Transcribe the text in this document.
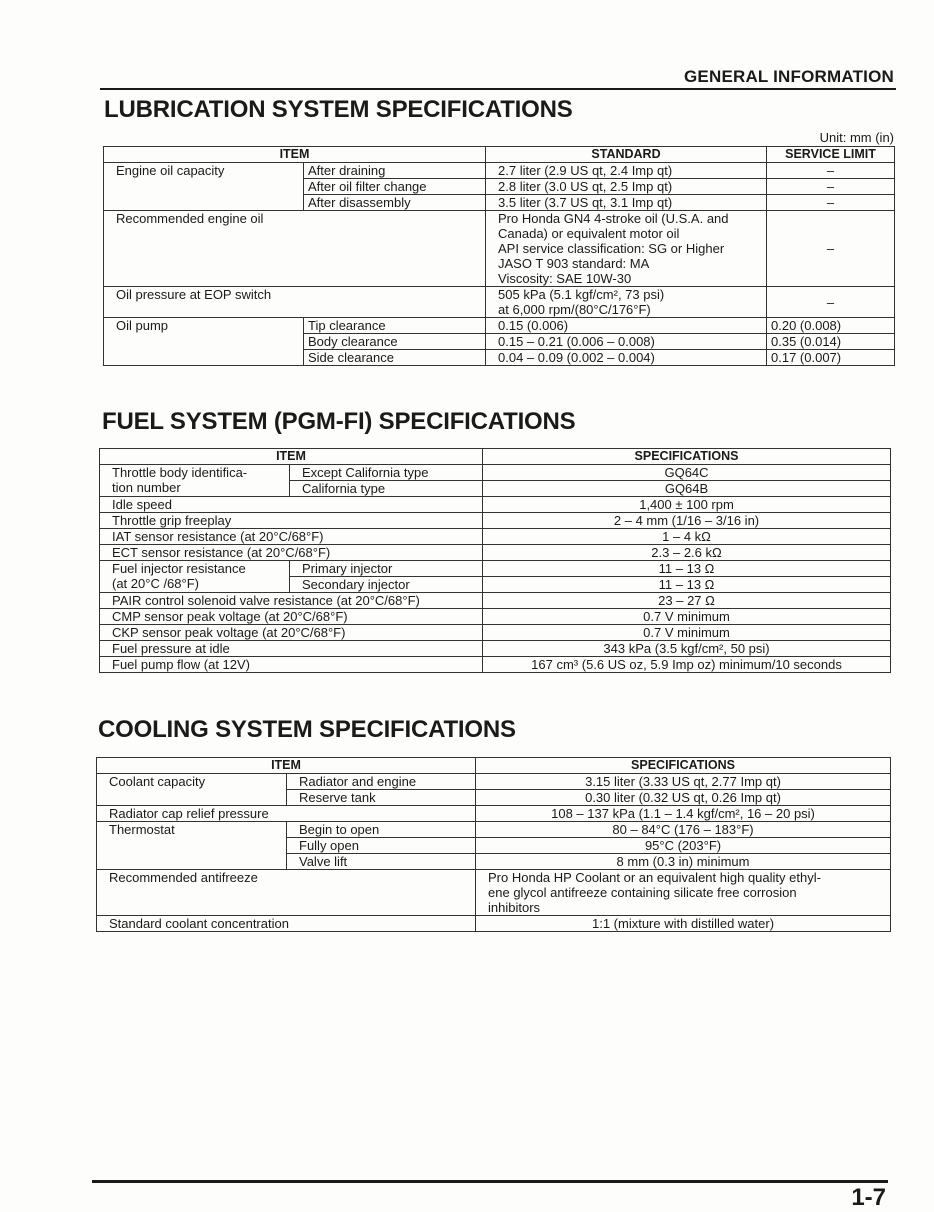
GENERAL INFORMATION
LUBRICATION SYSTEM SPECIFICATIONS
Unit: mm (in)
ITEM		STANDARD	SERVICE LIMIT
Engine oil capacity	After draining	2.7 liter (2.9 US qt, 2.4 Imp qt)	–
	After oil filter change	2.8 liter (3.0 US qt, 2.5 Imp qt)	–
	After disassembly	3.5 liter (3.7 US qt, 3.1 Imp qt)	–
Recommended engine oil		Pro Honda GN4 4-stroke oil (U.S.A. and
Canada) or equivalent motor oil
API service classification: SG or Higher
JASO T 903 standard: MA
Viscosity: SAE 10W-30	–
Oil pressure at EOP switch		505 kPa (5.1 kgf/cm², 73 psi)
at 6,000 rpm/(80°C/176°F)	–
Oil pump	Tip clearance	0.15 (0.006)	0.20 (0.008)
	Body clearance	0.15 – 0.21 (0.006 – 0.008)	0.35 (0.014)
	Side clearance	0.04 – 0.09 (0.002 – 0.004)	0.17 (0.007)
FUEL SYSTEM (PGM-FI) SPECIFICATIONS
ITEM		SPECIFICATIONS

Throttle body identifica-
tion number	Except California type	GQ64C
	California type	GQ64B
Idle speed		1,400 ± 100 rpm
Throttle grip freeplay		2 – 4 mm (1/16 – 3/16 in)
IAT sensor resistance (at 20°C/68°F)		1 – 4 kΩ
ECT sensor resistance (at 20°C/68°F)		2.3 – 2.6 kΩ

Fuel injector resistance
(at 20°C /68°F)	Primary injector	11 – 13 Ω
	Secondary injector	11 – 13 Ω
PAIR control solenoid valve resistance (at 20°C/68°F)		23 – 27 Ω
CMP sensor peak voltage (at 20°C/68°F)		0.7 V minimum
CKP sensor peak voltage (at 20°C/68°F)		0.7 V minimum
Fuel pressure at idle		343 kPa (3.5 kgf/cm², 50 psi)
Fuel pump flow (at 12V)		167 cm³ (5.6 US oz, 5.9 Imp oz) minimum/10 seconds
COOLING SYSTEM SPECIFICATIONS
ITEM		SPECIFICATIONS
Coolant capacity	Radiator and engine	3.15 liter (3.33 US qt, 2.77 Imp qt)
	Reserve tank	0.30 liter (0.32 US qt, 0.26 Imp qt)
Radiator cap relief pressure		108 – 137 kPa (1.1 – 1.4 kgf/cm², 16 – 20 psi)
Thermostat	Begin to open	80 – 84°C (176 – 183°F)
	Fully open	95°C (203°F)
	Valve lift	8 mm (0.3 in) minimum
Recommended antifreeze		Pro Honda HP Coolant or an equivalent high quality ethyl-
ene glycol antifreeze containing silicate free corrosion
inhibitors

Standard coolant concentration		1:1 (mixture with distilled water)
1-7
